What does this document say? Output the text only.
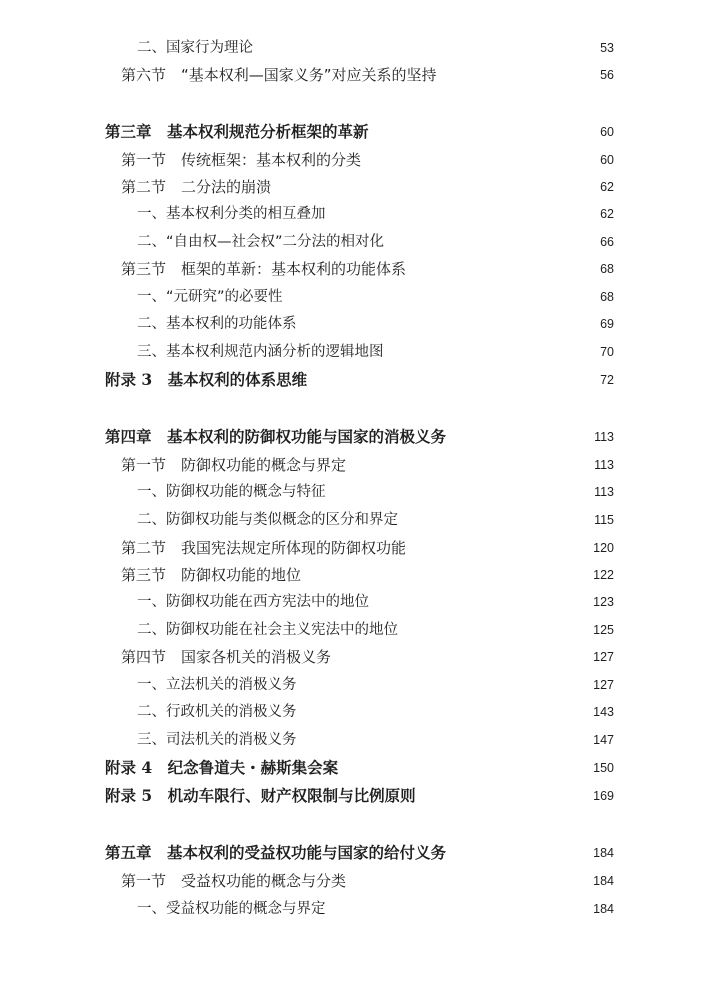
二、国家行为理论	53
第六节　“基本权利—国家义务”对应关系的坚持	56
第三章　基本权利规范分析框架的革新	60
第一节　传统框架：基本权利的分类	60
第二节　二分法的崩溃	62
一、基本权利分类的相互叠加	62
二、“自由权—社会权”二分法的相对化	66
第三节　框架的革新：基本权利的功能体系	68
一、“元研究”的必要性	68
二、基本权利的功能体系	69
三、基本权利规范内涵分析的逻辑地图	70
附录 3　基本权利的体系思维	72
第四章　基本权利的防御权功能与国家的消极义务	113
第一节　防御权功能的概念与界定	113
一、防御权功能的概念与特征	113
二、防御权功能与类似概念的区分和界定	115
第二节　我国宪法规定所体现的防御权功能	120
第三节　防御权功能的地位	122
一、防御权功能在西方宪法中的地位	123
二、防御权功能在社会主义宪法中的地位	125
第四节　国家各机关的消极义务	127
一、立法机关的消极义务	127
二、行政机关的消极义务	143
三、司法机关的消极义务	147
附录 4　纪念鲁道夫・赫斯集会案	150
附录 5　机动车限行、财产权限制与比例原则	169
第五章　基本权利的受益权功能与国家的给付义务	184
第一节　受益权功能的概念与分类	184
一、受益权功能的概念与界定	184
